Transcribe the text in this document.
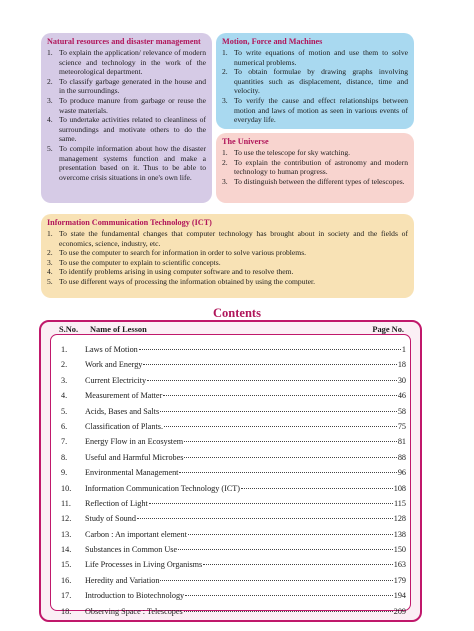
Natural resources and disaster management
1. To explain the application/ relevance of modern science and technology in the work of the meteorological department.
2. To classify garbage generated in the house and in the surroundings.
3. To produce manure from garbage or reuse the waste materials.
4. To undertake activities related to cleanliness of surroundings and motivate others to do the same.
5. To compile information about how the disaster management systems function and make a presentation based on it. Thus to be able to overcome crisis situations in one's own life.
Motion, Force and Machines
1. To write equations of motion and use them to solve numerical problems.
2. To obtain formulae by drawing graphs involving quantities such as displacement, distance, time and velocity.
3. To verify the cause and effect relationships between motion and laws of motion as seen in various events of everyday life.
The Universe
1. To use the telescope for sky watching.
2. To explain the contribution of astronomy and modern technology to human progress.
3. To distinguish between the different types of telescopes.
Information Communication Technology (ICT)
1. To state the fundamental changes that computer technology has brought about in society and the fields of economics, science, industry, etc.
2. To use the computer to search for information in order to solve various problems.
3. To use the computer to explain to scientific concepts.
4. To identify problems arising in using computer software and to resolve them.
5. To use different ways of processing the information obtained by using the computer.
Contents
S.No. Name of Lesson	Page No.
1.	Laws of Motion	1
2.	Work and Energy	18
3.	Current Electricity	30
4.	Measurement of Matter	46
5.	Acids, Bases and Salts	58
6.	Classification of Plants.	75
7.	Energy Flow in an Ecosystem	81
8.	Useful and Harmful Microbes	88
9.	Environmental Management	96
10.	Information Communication Technology (ICT)	108
11.	Reflection of Light	115
12.	Study of Sound	128
13.	Carbon : An important element	138
14.	Substances in Common Use	150
15.	Life Processes in Living Organisms	163
16.	Heredity and Variation	179
17.	Introduction to Biotechnology	194
18.	Observing Space : Telescopes	209
